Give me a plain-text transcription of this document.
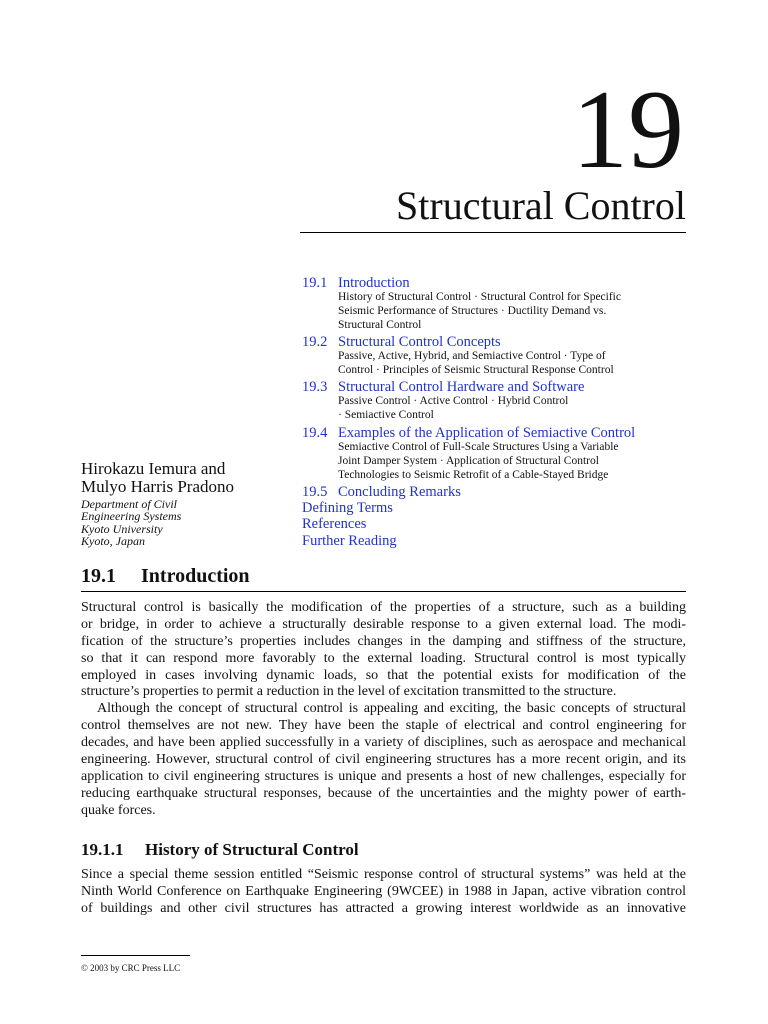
19
Structural Control
19.1 Introduction
History of Structural Control · Structural Control for Specific
Seismic Performance of Structures · Ductility Demand vs.
Structural Control
19.2 Structural Control Concepts
Passive, Active, Hybrid, and Semiactive Control · Type of
Control · Principles of Seismic Structural Response Control
19.3 Structural Control Hardware and Software
Passive Control · Active Control · Hybrid Control
· Semiactive Control
19.4 Examples of the Application of Semiactive Control
Semiactive Control of Full-Scale Structures Using a Variable
Joint Damper System · Application of Structural Control
Technologies to Seismic Retrofit of a Cable-Stayed Bridge
19.5 Concluding Remarks
Defining Terms
References
Further Reading
Hirokazu Iemura and
Mulyo Harris Pradono
Department of Civil
Engineering Systems
Kyoto University
Kyoto, Japan
19.1 Introduction
Structural control is basically the modification of the properties of a structure, such as a building
or bridge, in order to achieve a structurally desirable response to a given external load. The modi-
fication of the structure’s properties includes changes in the damping and stiffness of the structure,
so that it can respond more favorably to the external loading. Structural control is most typically
employed in cases involving dynamic loads, so that the potential exists for modification of the
structure’s properties to permit a reduction in the level of excitation transmitted to the structure.
Although the concept of structural control is appealing and exciting, the basic concepts of structural
control themselves are not new. They have been the staple of electrical and control engineering for
decades, and have been applied successfully in a variety of disciplines, such as aerospace and mechanical
engineering. However, structural control of civil engineering structures has a more recent origin, and its
application to civil engineering structures is unique and presents a host of new challenges, especially for
reducing earthquake structural responses, because of the uncertainties and the mighty power of earth-
quake forces.
19.1.1 History of Structural Control
Since a special theme session entitled “Seismic response control of structural systems” was held at the
Ninth World Conference on Earthquake Engineering (9WCEE) in 1988 in Japan, active vibration control
of buildings and other civil structures has attracted a growing interest worldwide as an innovative
© 2003 by CRC Press LLC
